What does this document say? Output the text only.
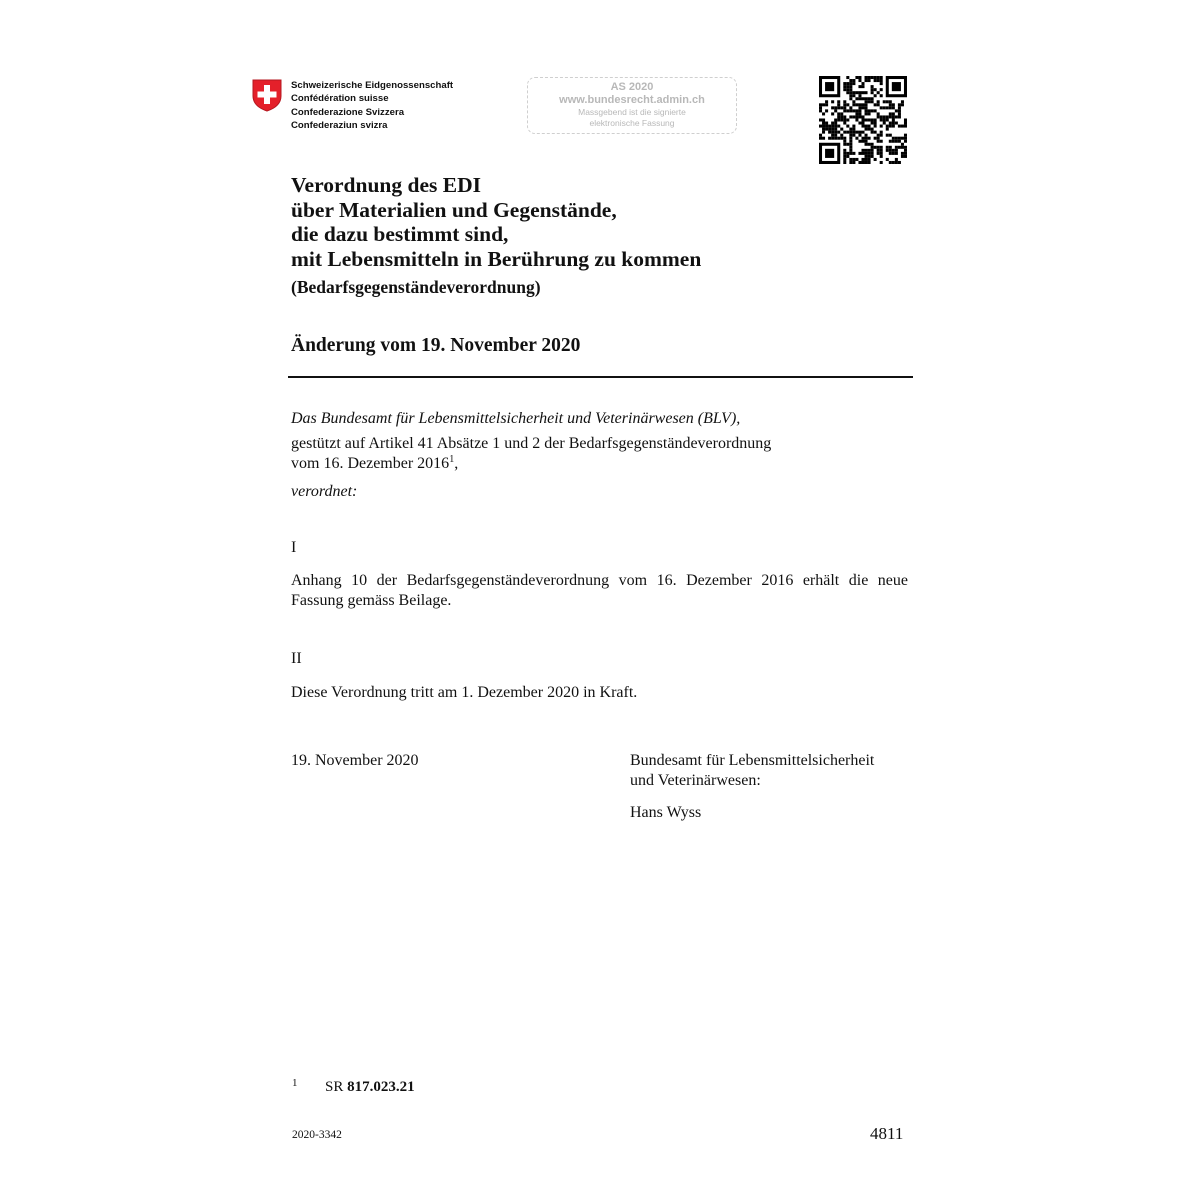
Schweizerische Eidgenossenschaft
Confédération suisse
Confederazione Svizzera
Confederaziun svizra
AS 2020
www.bundesrecht.admin.ch
Massgebend ist die signierte
elektronische Fassung
Verordnung des EDI
über Materialien und Gegenstände,
die dazu bestimmt sind,
mit Lebensmitteln in Berührung zu kommen
(Bedarfsgegenständeverordnung)
Änderung vom 19. November 2020
Das Bundesamt für Lebensmittelsicherheit und Veterinärwesen (BLV),
gestützt auf Artikel 41 Absätze 1 und 2 der Bedarfsgegenständeverordnung
vom 16. Dezember 2016$^1$,
verordnet:
I
Anhang 10 der Bedarfsgegenständeverordnung vom 16. Dezember 2016 erhält die neue Fassung gemäss Beilage.
II
Diese Verordnung tritt am 1. Dezember 2020 in Kraft.
19. November 2020	Bundesamt für Lebensmittelsicherheit
und Veterinärwesen:
Hans Wyss
1 SR 817.023.21
2020-3342	4811
